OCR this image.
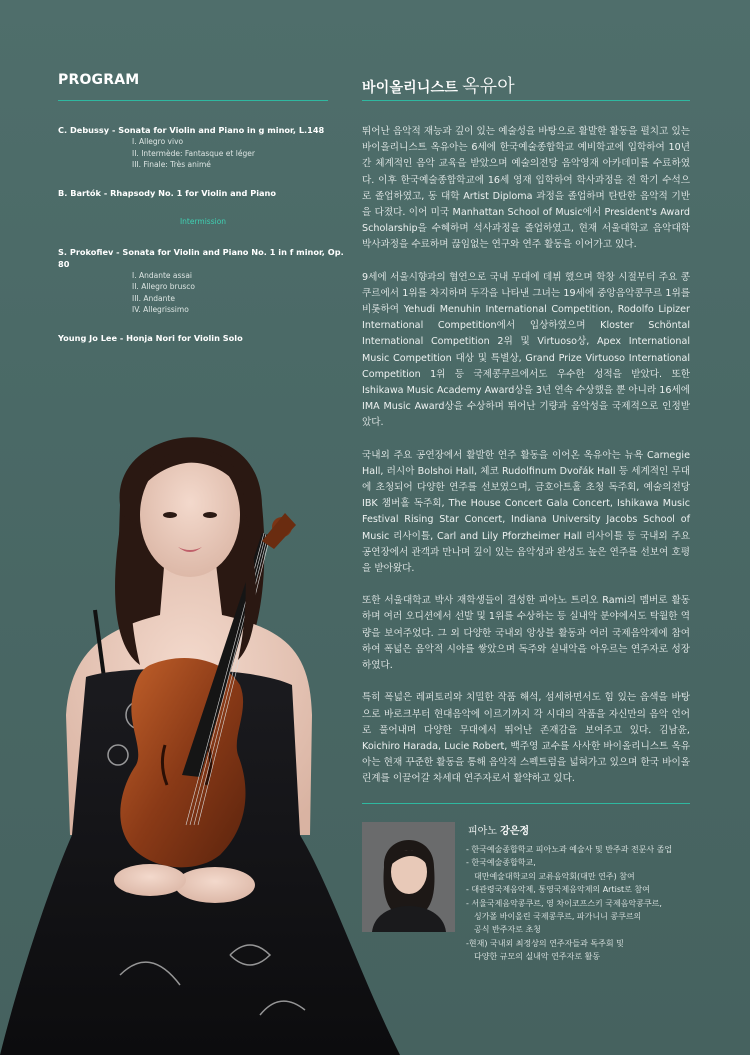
PROGRAM	바이올리니스트 옥유아
C. Debussy - Sonata for Violin and Piano in g minor, L.148
I. Allegro vivo
II. Intermède: Fantasque et léger
III. Finale: Très animé
B. Bartók - Rhapsody No. 1 for Violin and Piano
Intermission
S. Prokofiev - Sonata for Violin and Piano No. 1 in f minor, Op. 80
I. Andante assai
II. Allegro brusco
III. Andante
IV. Allegrissimo
Young Jo Lee - Honja Nori for Violin Solo

뛰어난 음악적 재능과 깊이 있는 예술성을 바탕으로 활발한 활동을 펼치고 있는 바이올리니스트 옥유아는 6세에 한국예술종합학교 예비학교에 입학하여 10년간 체계적인 음악 교육을 받았으며 예술의전당 음악영재 아카데미를 수료하였다. 이후 한국예술종합학교에 16세 영재 입학하여 학사과정을 전 학기 수석으로 졸업하였고, 동 대학 Artist Diploma 과정을 졸업하며 탄탄한 음악적 기반을 다졌다. 이어 미국 Manhattan School of Music에서 President's Award Scholarship을 수혜하며 석사과정을 졸업하였고, 현재 서울대학교 음악대학 박사과정을 수료하며 끊임없는 연구와 연주 활동을 이어가고 있다.

9세에 서울시향과의 협연으로 국내 무대에 데뷔 했으며 학창 시절부터 주요 콩쿠르에서 1위를 차지하며 두각을 나타낸 그녀는 19세에 중앙음악콩쿠르 1위를 비롯하여 Yehudi Menuhin International Competition, Rodolfo Lipizer International Competition에서 입상하였으며 Kloster Schöntal International Competition 2위 및 Virtuoso상, Apex International Music Competition 대상 및 특별상, Grand Prize Virtuoso International Competition 1위 등 국제콩쿠르에서도 우수한 성적을 받았다. 또한 Ishikawa Music Academy Award상을 3년 연속 수상했을 뿐 아니라 16세에 IMA Music Award상을 수상하며 뛰어난 기량과 음악성을 국제적으로 인정받았다.

국내외 주요 공연장에서 활발한 연주 활동을 이어온 옥유아는 뉴욕 Carnegie Hall, 러시아 Bolshoi Hall, 체코 Rudolfinum Dvořák Hall 등 세계적인 무대에 초청되어 다양한 연주를 선보였으며, 금호아트홀 초청 독주회, 예술의전당 IBK 챔버홀 독주회, The House Concert Gala Concert, Ishikawa Music Festival Rising Star Concert, Indiana University Jacobs School of Music 리사이틀, Carl and Lily Pforzheimer Hall 리사이틀 등 국내외 주요 공연장에서 관객과 만나며 깊이 있는 음악성과 완성도 높은 연주를 선보여 호평을 받아왔다.

또한 서울대학교 박사 재학생들이 결성한 피아노 트리오 Rami의 멤버로 활동하며 여러 오디션에서 선발 및 1위를 수상하는 등 실내악 분야에서도 탁월한 역량을 보여주었다. 그 외 다양한 국내외 앙상블 활동과 여러 국제음악제에 참여하여 폭넓은 음악적 시야를 쌓았으며 독주와 실내악을 아우르는 연주자로 성장하였다.

특히 폭넓은 레퍼토리와 치밀한 작품 해석, 섬세하면서도 힘 있는 음색을 바탕으로 바로크부터 현대음악에 이르기까지 각 시대의 작품을 자신만의 음악 언어로 풀어내며 다양한 무대에서 뛰어난 존재감을 보여주고 있다. 김남윤, Koichiro Harada, Lucie Robert, 백주영 교수를 사사한 바이올리니스트 옥유아는 현재 꾸준한 활동을 통해 음악적 스펙트럼을 넓혀가고 있으며 한국 바이올린계를 이끌어갈 차세대 연주자로서 활약하고 있다.

피아노 강은정
- 한국예술종합학교 피아노과 예술사 및 반주과 전문사 졸업
- 한국예술종합학교,
대만예술대학교의 교류음악회(대만 연주) 참여
- 대관령국제음악제, 통영국제음악제의 Artist로 참여
- 서울국제음악콩쿠르, 영 차이코프스키 국제음악콩쿠르,
싱가폴 바이올린 국제콩쿠르, 파가니니 콩쿠르의
공식 반주자로 초청
-현재) 국내외 최정상의 연주자들과 독주회 및
다양한 규모의 실내악 연주자로 활동
